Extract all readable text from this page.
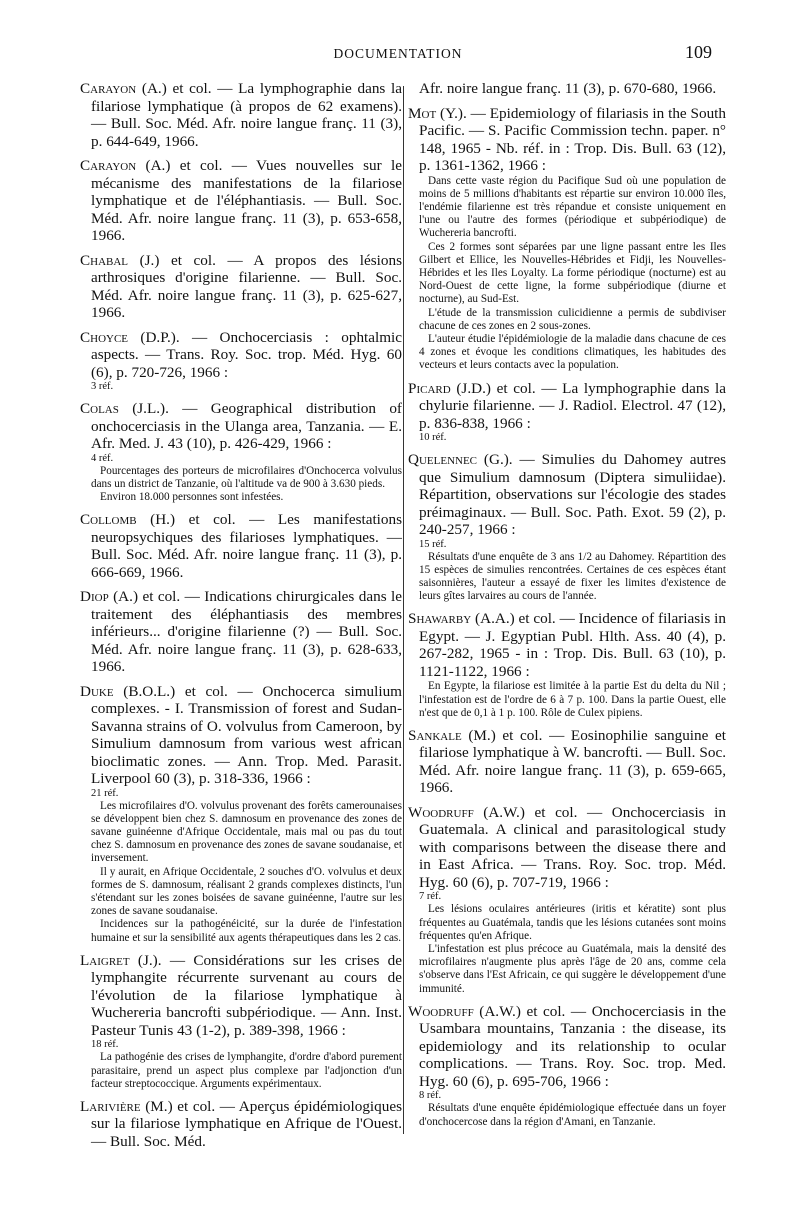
DOCUMENTATION	109

Carayon (A.) et col. — La lymphographie dans la filariose lymphatique (à propos de 62 examens). — Bull. Soc. Méd. Afr. noire langue franç. 11 (3), p. 644-649, 1966.

Carayon (A.) et col. — Vues nouvelles sur le mécanisme des manifestations de la filariose lymphatique et de l'éléphantiasis. — Bull. Soc. Méd. Afr. noire langue franç. 11 (3), p. 653-658, 1966.

Chabal (J.) et col. — A propos des lésions arthrosiques d'origine filarienne. — Bull. Soc. Méd. Afr. noire langue franç. 11 (3), p. 625-627, 1966.

Choyce (D.P.). — Onchocerciasis : ophtalmic aspects. — Trans. Roy. Soc. trop. Méd. Hyg. 60 (6), p. 720-726, 1966 :

3 réf.

Colas (J.L.). — Geographical distribution of onchocerciasis in the Ulanga area, Tanzania. — E. Afr. Med. J. 43 (10), p. 426-429, 1966 :

4 réf.

Pourcentages des porteurs de microfilaires d'Onchocerca volvulus dans un district de Tanzanie, où l'altitude va de 900 à 3.630 pieds.

Environ 18.000 personnes sont infestées.

Collomb (H.) et col. — Les manifestations neuropsychiques des filarioses lymphatiques. — Bull. Soc. Méd. Afr. noire langue franç. 11 (3), p. 666-669, 1966.

Diop (A.) et col. — Indications chirurgicales dans le traitement des éléphantiasis des membres inférieurs... d'origine filarienne (?) — Bull. Soc. Méd. Afr. noire langue franç. 11 (3), p. 628-633, 1966.

Duke (B.O.L.) et col. — Onchocerca simulium complexes. - I. Transmission of forest and Sudan-Savanna strains of O. volvulus from Cameroon, by Simulium damnosum from various west african bioclimatic zones. — Ann. Trop. Med. Parasit. Liverpool 60 (3), p. 318-336, 1966 :

21 réf.

Les microfilaires d'O. volvulus provenant des forêts camerounaises se développent bien chez S. damnosum en provenance des zones de savane guinéenne d'Afrique Occidentale, mais mal ou pas du tout chez S. damnosum en provenance des zones de savane soudanaise, et inversement.

Il y aurait, en Afrique Occidentale, 2 souches d'O. volvulus et deux formes de S. damnosum, réalisant 2 grands complexes distincts, l'un s'étendant sur les zones boisées de savane guinéenne, l'autre sur les zones de savane soudanaise.

Incidences sur la pathogénéicité, sur la durée de l'infestation humaine et sur la sensibilité aux agents thérapeutiques dans les 2 cas.

Laigret (J.). — Considérations sur les crises de lymphangite récurrente survenant au cours de l'évolution de la filariose lymphatique à Wuchereria bancrofti subpériodique. — Ann. Inst. Pasteur Tunis 43 (1-2), p. 389-398, 1966 :

18 réf.

La pathogénie des crises de lymphangite, d'ordre d'abord purement parasitaire, prend un aspect plus complexe par l'adjonction d'un facteur streptococcique. Arguments expérimentaux.

Larivière (M.) et col. — Aperçus épidémiologiques sur la filariose lymphatique en Afrique de l'Ouest. — Bull. Soc. Méd.

Afr. noire langue franç. 11 (3), p. 670-680, 1966.

Mot (Y.). — Epidemiology of filariasis in the South Pacific. — S. Pacific Commission techn. paper. n° 148, 1965 - Nb. réf. in : Trop. Dis. Bull. 63 (12), p. 1361-1362, 1966 :

Dans cette vaste région du Pacifique Sud où une population de moins de 5 millions d'habitants est répartie sur environ 10.000 îles, l'endémie filarienne est très répandue et consiste uniquement en l'une ou l'autre des formes (périodique et subpériodique) de Wuchereria bancrofti.

Ces 2 formes sont séparées par une ligne passant entre les Iles Gilbert et Ellice, les Nouvelles-Hébrides et Fidji, les Nouvelles-Hébrides et les Iles Loyalty. La forme périodique (nocturne) est au Nord-Ouest de cette ligne, la forme subpériodique (diurne et nocturne), au Sud-Est.

L'étude de la transmission culicidienne a permis de subdiviser chacune de ces zones en 2 sous-zones.

L'auteur étudie l'épidémiologie de la maladie dans chacune de ces 4 zones et évoque les conditions climatiques, les habitudes des vecteurs et leurs contacts avec la population.

Picard (J.D.) et col. — La lymphographie dans la chylurie filarienne. — J. Radiol. Electrol. 47 (12), p. 836-838, 1966 :

10 réf.

Quelennec (G.). — Simulies du Dahomey autres que Simulium damnosum (Diptera simuliidae). Répartition, observations sur l'écologie des stades préimaginaux. — Bull. Soc. Path. Exot. 59 (2), p. 240-257, 1966 :

15 réf.

Résultats d'une enquête de 3 ans 1/2 au Dahomey. Répartition des 15 espèces de simulies rencontrées. Certaines de ces espèces étant saisonnières, l'auteur a essayé de fixer les limites d'existence de leurs gîtes larvaires au cours de l'année.

Shawarby (A.A.) et col. — Incidence of filariasis in Egypt. — J. Egyptian Publ. Hlth. Ass. 40 (4), p. 267-282, 1965 - in : Trop. Dis. Bull. 63 (10), p. 1121-1122, 1966 :

En Egypte, la filariose est limitée à la partie Est du delta du Nil ; l'infestation est de l'ordre de 6 à 7 p. 100. Dans la partie Ouest, elle n'est que de 0,1 à 1 p. 100. Rôle de Culex pipiens.

Sankale (M.) et col. — Eosinophilie sanguine et filariose lymphatique à W. bancrofti. — Bull. Soc. Méd. Afr. noire langue franç. 11 (3), p. 659-665, 1966.

Woodruff (A.W.) et col. — Onchocerciasis in Guatemala. A clinical and parasitological study with comparisons between the disease there and in East Africa. — Trans. Roy. Soc. trop. Méd. Hyg. 60 (6), p. 707-719, 1966 :

7 réf.

Les lésions oculaires antérieures (iritis et kératite) sont plus fréquentes au Guatémala, tandis que les lésions cutanées sont moins fréquentes qu'en Afrique.

L'infestation est plus précoce au Guatémala, mais la densité des microfilaires n'augmente plus après l'âge de 20 ans, comme cela s'observe dans l'Est Africain, ce qui suggère le développement d'une immunité.

Woodruff (A.W.) et col. — Onchocerciasis in the Usambara mountains, Tanzania : the disease, its epidemiology and its relationship to ocular complications. — Trans. Roy. Soc. trop. Med. Hyg. 60 (6), p. 695-706, 1966 :

8 réf.

Résultats d'une enquête épidémiologique effectuée dans un foyer d'onchocercose dans la région d'Amani, en Tanzanie.
